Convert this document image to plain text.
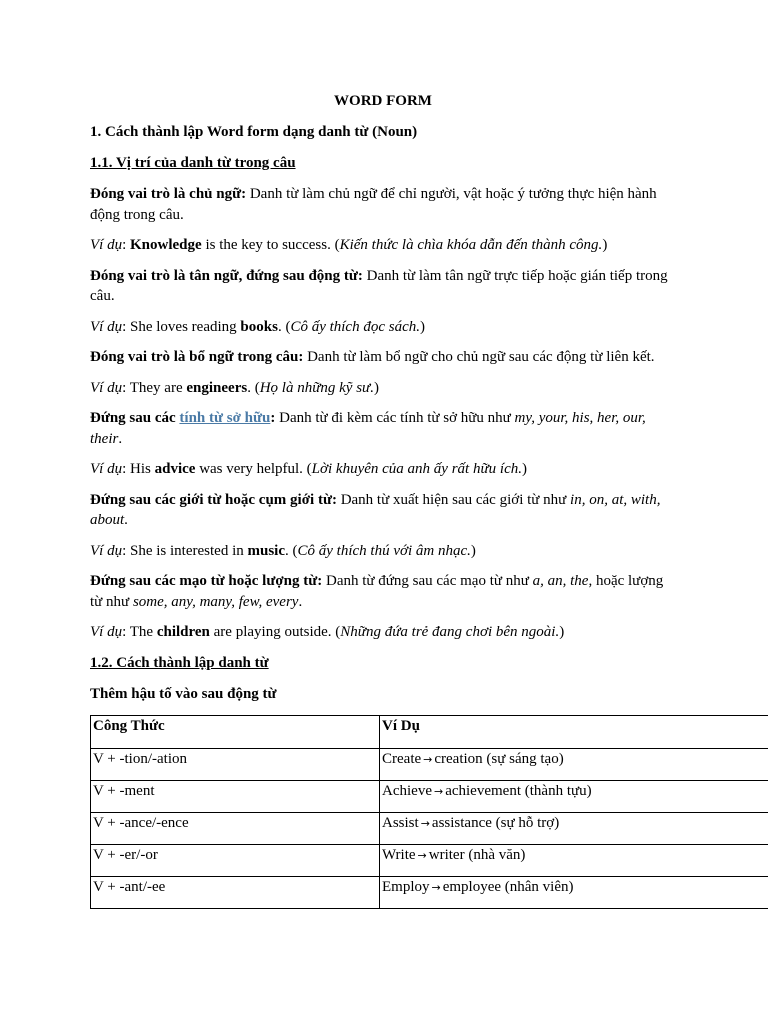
WORD FORM
1. Cách thành lập Word form dạng danh từ (Noun)
1.1. Vị trí của danh từ trong câu
Đóng vai trò là chủ ngữ: Danh từ làm chủ ngữ để chỉ người, vật hoặc ý tưởng thực hiện hành động trong câu.
Ví dụ: Knowledge is the key to success. (Kiến thức là chìa khóa dẫn đến thành công.)
Đóng vai trò là tân ngữ, đứng sau động từ: Danh từ làm tân ngữ trực tiếp hoặc gián tiếp trong câu.
Ví dụ: She loves reading books. (Cô ấy thích đọc sách.)
Đóng vai trò là bổ ngữ trong câu: Danh từ làm bổ ngữ cho chủ ngữ sau các động từ liên kết.
Ví dụ: They are engineers. (Họ là những kỹ sư.)
Đứng sau các tính từ sở hữu: Danh từ đi kèm các tính từ sở hữu như my, your, his, her, our, their.
Ví dụ: His advice was very helpful. (Lời khuyên của anh ấy rất hữu ích.)
Đứng sau các giới từ hoặc cụm giới từ: Danh từ xuất hiện sau các giới từ như in, on, at, with, about.
Ví dụ: She is interested in music. (Cô ấy thích thú với âm nhạc.)
Đứng sau các mạo từ hoặc lượng từ: Danh từ đứng sau các mạo từ như a, an, the, hoặc lượng từ như some, any, many, few, every.
Ví dụ: The children are playing outside. (Những đứa trẻ đang chơi bên ngoài.)
1.2. Cách thành lập danh từ
Thêm hậu tố vào sau động từ
Công Thức	Ví Dụ
V + -tion/-ation	Create → creation (sự sáng tạo)
V + -ment	Achieve → achievement (thành tựu)
V + -ance/-ence	Assist → assistance (sự hỗ trợ)
V + -er/-or	Write → writer (nhà văn)
V + -ant/-ee	Employ → employee (nhân viên)
